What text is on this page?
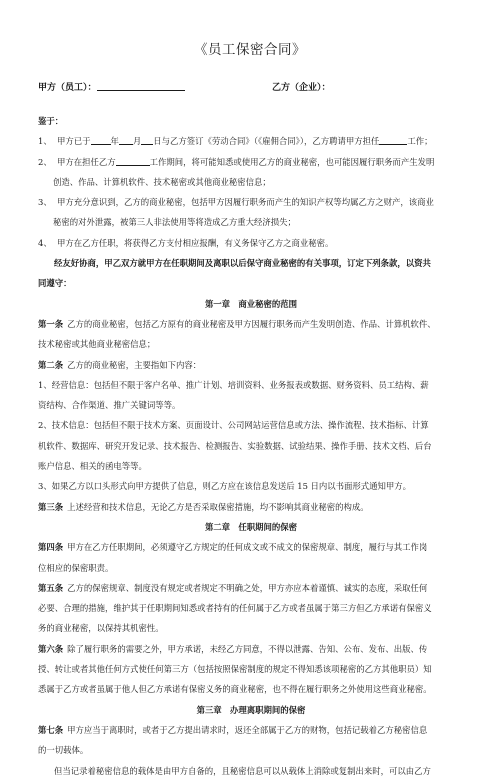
《员工保密合同》
甲方（员工）：	乙方（企业）：

鉴于：

1、 甲方已于 年 月 日与乙方签订《劳动合同》（《雇佣合同》），乙方聘请甲方担任	工作；

2、 甲方在担任乙方	工作期间，将可能知悉或使用乙方的商业秘密，也可能因履行职务而产生发明

创造、作品、计算机软件、技术秘密或其他商业秘密信息；

3、 甲方充分意识到，乙方的商业秘密，包括甲方因履行职务而产生的知识产权等均属乙方之财产，该商业

秘密的对外泄露，被第三人非法使用等将造成乙方重大经济损失；

4、 甲方在乙方任职，将获得乙方支付相应报酬，有义务保守乙方之商业秘密。

经友好协商，甲乙双方就甲方在任职期间及离职以后保守商业秘密的有关事项，订定下列条款，以资共

同遵守：

第一章　商业秘密的范围

第一条 乙方的商业秘密，包括乙方原有的商业秘密及甲方因履行职务而产生发明创造、作品、计算机软件、

技术秘密或其他商业秘密信息；

第二条 乙方的商业秘密，主要指如下内容：

1、经营信息：包括但不限于客户名单、推广计划、培训资料、业务报表或数据、财务资料、员工结构、薪

资结构、合作渠道、推广关键词等等。

2、技术信息：包括但不限于技术方案、页面设计、公司网站运营信息或方法、操作流程、技术指标、计算

机软件、数据库、研究开发记录、技术报告、检测报告、实验数据、试验结果、操作手册、技术文档、后台

账户信息、相关的函电等等。

3、如果乙方以口头形式向甲方提供了信息，则乙方应在该信息发送后 15 日内以书面形式通知甲方。

第三条 上述经营和技术信息，无论乙方是否采取保密措施，均不影响其商业秘密的构成。

第二章　任职期间的保密

第四条 甲方在乙方任职期间，必须遵守乙方规定的任何成文或不成文的保密规章、制度，履行与其工作岗

位相应的保密职责。

第五条 乙方的保密规章、制度没有规定或者规定不明确之处，甲方亦应本着谨慎、诚实的态度，采取任何

必要、合理的措施，维护其于任职期间知悉或者持有的任何属于乙方或者虽属于第三方但乙方承诺有保密义

务的商业秘密，以保持其机密性。

第六条 除了履行职务的需要之外，甲方承诺，未经乙方同意，不得以泄露、告知、公布、发布、出版、传

授、转让或者其他任何方式使任何第三方（包括按照保密制度的规定不得知悉该项秘密的乙方其他职员）知

悉属于乙方或者虽属于他人但乙方承诺有保密义务的商业秘密，也不得在履行职务之外使用这些商业秘密。

第三章　办理离职期间的保密

第七条 甲方应当于离职时，或者于乙方提出请求时，返还全部属于乙方的财物，包括记载着乙方秘密信息

的一切载体。

但当记录着秘密信息的载体是由甲方自备的，且秘密信息可以从载体上消除或复制出来时，可以由乙方
